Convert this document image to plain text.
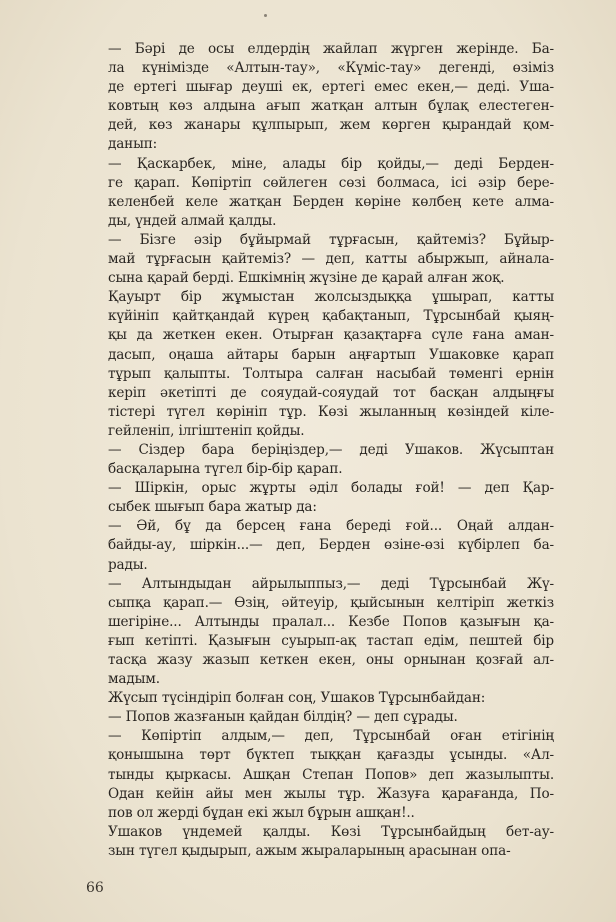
— Бәрі де осы елдердің жайлап жүрген жерінде. Ба-
ла күнімізде «Алтын-тау», «Күміс-тау» дегенді, өзіміз
де ертегі шығар деуші ек, ертегі емес екен,— деді. Уша-
ковтың көз алдына ағып жатқан алтын бұлақ елестеген-
дей, көз жанары құлпырып, жем көрген қырандай қом-
данып:

— Қаскарбек, міне, алады бір қойды,— деді Берден-
ге қарап. Көпіртіп сөйлеген сөзі болмаса, ісі әзір бере-
келенбей келе жатқан Берден көріне көлбең кете алма-
ды, үндей алмай қалды.

— Бізге әзір бұйырмай тұрғасын, қайтеміз? Бұйыр-
май тұрғасын қайтеміз? — деп, катты абыржып, айнала-
сына қарай берді. Ешкімнің жүзіне де қарай алған жоқ.

Қауырт бір жұмыстан жолсыздыққа ұшырап, катты
күйініп қайтқандай күрең қабақтанып, Тұрсынбай қыяң-
қы да жеткен екен. Отырған қазақтарға сүле ғана аман-
дасып, оңаша айтары барын аңғартып Ушаковке қарап
тұрып қалыпты. Толтыра салған насыбай төменгі ернін
керіп әкетіпті де сояудай-сояудай тот басқан алдыңғы
тістері түгел көрініп тұр. Көзі жыланның көзіндей кіле-
гейленіп, ілгіштеніп қойды.

— Сіздер бара беріңіздер,— деді Ушаков. Жүсыптан
басқаларына түгел бір-бір қарап.

— Шіркін, орыс жұрты әділ болады ғой! — деп Қар-
сыбек шығып бара жатыр да:

— Әй, бұ да берсең ғана береді ғой... Оңай алдан-
байды-ау, шіркін...— деп, Берден өзіне-өзі күбірлеп ба-
рады.

— Алтындыдан айрылыппыз,— деді Тұрсынбай Жү-
сыпқа қарап.— Өзің, әйтеуір, қыйсынын келтіріп жеткіз
шегіріне... Алтынды пралал... Кезбе Попов қазығын қа-
ғып кетіпті. Қазығын суырып-ақ тастап едім, пештей бір
тасқа жазу жазып кеткен екен, оны орнынан қозғай ал-
мадым.

Жүсып түсіндіріп болған соң, Ушаков Тұрсынбайдан:

— Попов жазғанын қайдан білдің? — деп сұрады.

— Көпіртіп алдым,— деп, Тұрсынбай оған етігінің
қонышына төрт бүктеп тыққан қағазды ұсынды. «Ал-
тынды қыркасы. Ашқан Степан Попов» деп жазылыпты.
Одан кейін айы мен жылы тұр. Жазуға қарағанда, По-
пов ол жерді бұдан екі жыл бұрын ашқан!..

Ушаков үндемей қалды. Көзі Тұрсынбайдың бет-ау-
зын түгел қыдырып, ажым жыраларының арасынан опа-

66
